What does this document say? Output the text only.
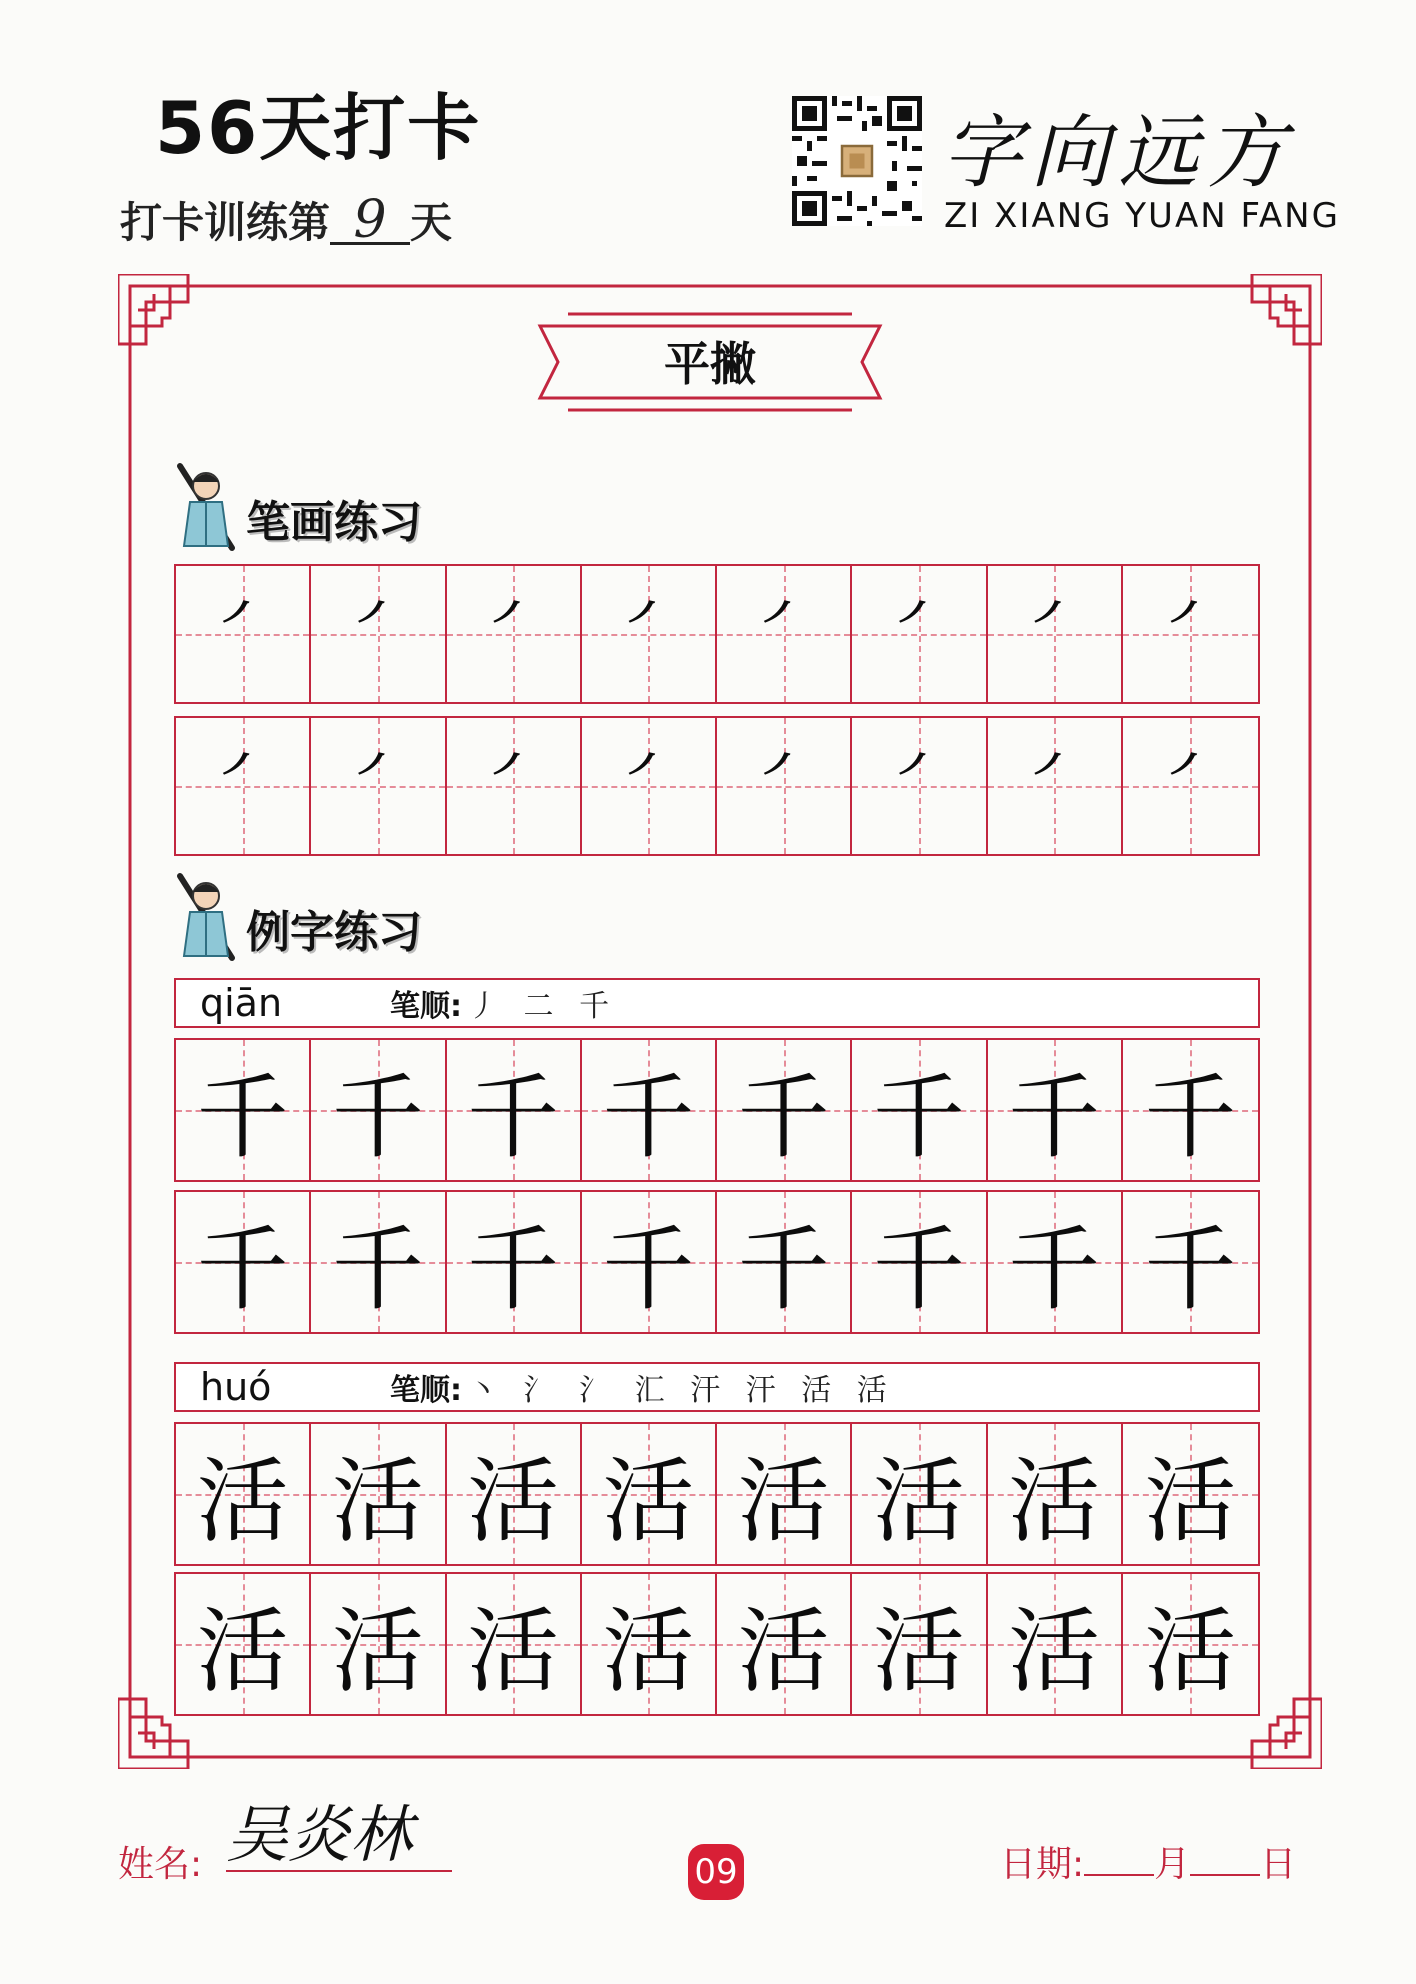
56天打卡
打卡训练第 9 天
字向远方
ZI XIANG YUAN FANG
平撇
笔画练习
㇒ ㇒ ㇒ ㇒ ㇒ ㇒ ㇒ ㇒
㇒ ㇒ ㇒ ㇒ ㇒ ㇒ ㇒ ㇒
例字练习
qiān	笔顺: 丿 二 千
千 千 千 千 千 千 千 千
千 千 千 千 千 千 千 千
huó	笔顺: 丶 氵 氵 汇 汗 汗 活 活
活 活 活 活 活 活 活 活
活 活 活 活 活 活 活 活
姓名: 吴炎林
09	日期: 月 日
